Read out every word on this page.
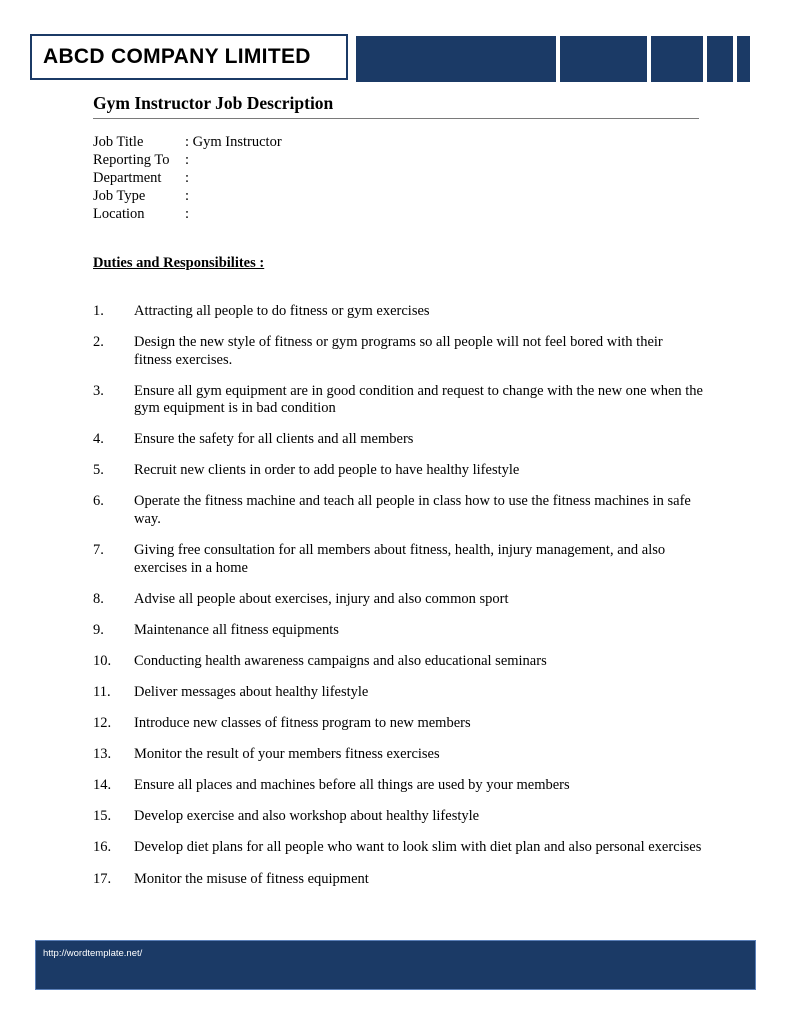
ABCD COMPANY LIMITED
Gym Instructor Job Description
Job Title	: Gym Instructor
Reporting To	:
Department	:
Job Type	:
Location	:
Duties and Responsibilites :
1.	Attracting all people to do fitness or gym exercises
2.	Design the new style of fitness or gym programs so all people will not feel bored with their fitness exercises.
3.	Ensure all gym equipment are in good condition and request to change with the new one when the gym equipment is in bad condition
4.	Ensure the safety for all clients and all members
5.	Recruit new clients in order to add people to have healthy lifestyle
6.	Operate the fitness machine and teach all people in class how to use the fitness machines in safe way.
7.	Giving free consultation for all members about fitness, health, injury management, and also exercises in a home
8.	Advise all people about exercises, injury and also common sport
9.	Maintenance all fitness equipments
10.	Conducting health awareness campaigns and also educational seminars
11.	Deliver messages about healthy lifestyle
12.	Introduce new classes of fitness program to new members
13.	Monitor the result of your members fitness exercises
14.	Ensure all places and machines before all things are used by your members
15.	Develop exercise and also workshop about healthy lifestyle
16.	Develop diet plans for all people who want to look slim with diet plan and also personal exercises
17.	Monitor the misuse of fitness equipment
http://wordtemplate.net/
